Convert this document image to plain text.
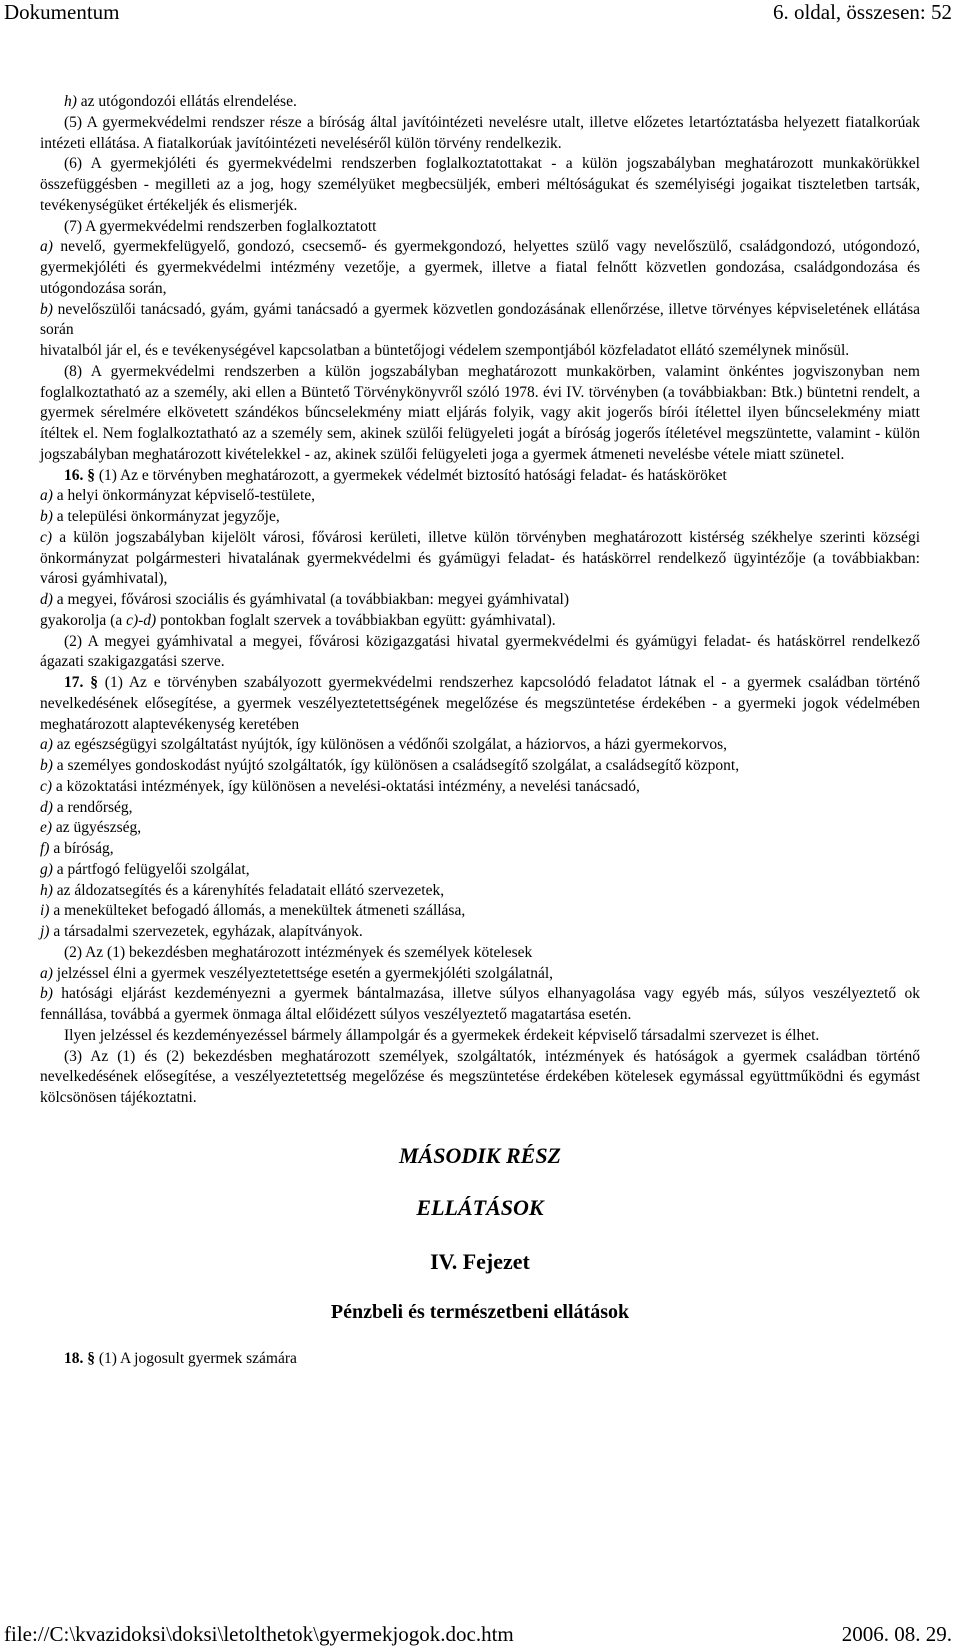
Dokumentum	6. oldal, összesen: 52

h) az utógondozói ellátás elrendelése.

(5) A gyermekvédelmi rendszer része a bíróság által javítóintézeti nevelésre utalt, illetve előzetes letartóztatásba helyezett fiatalkorúak intézeti ellátása. A fiatalkorúak javítóintézeti neveléséről külön törvény rendelkezik.

(6) A gyermekjóléti és gyermekvédelmi rendszerben foglalkoztatottakat - a külön jogszabályban meghatározott munkakörükkel összefüggésben - megilleti az a jog, hogy személyüket megbecsüljék, emberi méltóságukat és személyiségi jogaikat tiszteletben tartsák, tevékenységüket értékeljék és elismerjék.

(7) A gyermekvédelmi rendszerben foglalkoztatott

a) nevelő, gyermekfelügyelő, gondozó, csecsemő- és gyermekgondozó, helyettes szülő vagy nevelőszülő, családgondozó, utógondozó, gyermekjóléti és gyermekvédelmi intézmény vezetője, a gyermek, illetve a fiatal felnőtt közvetlen gondozása, családgondozása és utógondozása során,

b) nevelőszülői tanácsadó, gyám, gyámi tanácsadó a gyermek közvetlen gondozásának ellenőrzése, illetve törvényes képviseletének ellátása során

hivatalból jár el, és e tevékenységével kapcsolatban a büntetőjogi védelem szempontjából közfeladatot ellátó személynek minősül.

(8) A gyermekvédelmi rendszerben a külön jogszabályban meghatározott munkakörben, valamint önkéntes jogviszonyban nem foglalkoztatható az a személy, aki ellen a Büntető Törvénykönyvről szóló 1978. évi IV. törvényben (a továbbiakban: Btk.) büntetni rendelt, a gyermek sérelmére elkövetett szándékos bűncselekmény miatt eljárás folyik, vagy akit jogerős bírói ítélettel ilyen bűncselekmény miatt ítéltek el. Nem foglalkoztatható az a személy sem, akinek szülői felügyeleti jogát a bíróság jogerős ítéletével megszüntette, valamint - külön jogszabályban meghatározott kivételekkel - az, akinek szülői felügyeleti joga a gyermek átmeneti nevelésbe vétele miatt szünetel.

16. § (1) Az e törvényben meghatározott, a gyermekek védelmét biztosító hatósági feladat- és hatásköröket

a) a helyi önkormányzat képviselő-testülete,

b) a települési önkormányzat jegyzője,

c) a külön jogszabályban kijelölt városi, fővárosi kerületi, illetve külön törvényben meghatározott kistérség székhelye szerinti községi önkormányzat polgármesteri hivatalának gyermekvédelmi és gyámügyi feladat- és hatáskörrel rendelkező ügyintézője (a továbbiakban: városi gyámhivatal),

d) a megyei, fővárosi szociális és gyámhivatal (a továbbiakban: megyei gyámhivatal)

gyakorolja (a c)-d) pontokban foglalt szervek a továbbiakban együtt: gyámhivatal).

(2) A megyei gyámhivatal a megyei, fővárosi közigazgatási hivatal gyermekvédelmi és gyámügyi feladat- és hatáskörrel rendelkező ágazati szakigazgatási szerve.

17. § (1) Az e törvényben szabályozott gyermekvédelmi rendszerhez kapcsolódó feladatot látnak el - a gyermek családban történő nevelkedésének elősegítése, a gyermek veszélyeztetettségének megelőzése és megszüntetése érdekében - a gyermeki jogok védelmében meghatározott alaptevékenység keretében

a) az egészségügyi szolgáltatást nyújtók, így különösen a védőnői szolgálat, a háziorvos, a házi gyermekorvos,

b) a személyes gondoskodást nyújtó szolgáltatók, így különösen a családsegítő szolgálat, a családsegítő központ,

c) a közoktatási intézmények, így különösen a nevelési-oktatási intézmény, a nevelési tanácsadó,

d) a rendőrség,

e) az ügyészség,

f) a bíróság,

g) a pártfogó felügyelői szolgálat,

h) az áldozatsegítés és a kárenyhítés feladatait ellátó szervezetek,

i) a menekülteket befogadó állomás, a menekültek átmeneti szállása,

j) a társadalmi szervezetek, egyházak, alapítványok.

(2) Az (1) bekezdésben meghatározott intézmények és személyek kötelesek

a) jelzéssel élni a gyermek veszélyeztetettsége esetén a gyermekjóléti szolgálatnál,

b) hatósági eljárást kezdeményezni a gyermek bántalmazása, illetve súlyos elhanyagolása vagy egyéb más, súlyos veszélyeztető ok fennállása, továbbá a gyermek önmaga által előidézett súlyos veszélyeztető magatartása esetén.

Ilyen jelzéssel és kezdeményezéssel bármely állampolgár és a gyermekek érdekeit képviselő társadalmi szervezet is élhet.

(3) Az (1) és (2) bekezdésben meghatározott személyek, szolgáltatók, intézmények és hatóságok a gyermek családban történő nevelkedésének elősegítése, a veszélyeztetettség megelőzése és megszüntetése érdekében kötelesek egymással együttműködni és egymást kölcsönösen tájékoztatni.

MÁSODIK RÉSZ

ELLÁTÁSOK

IV. Fejezet

Pénzbeli és természetbeni ellátások

18. § (1) A jogosult gyermek számára

file://C:\kvazidoksi\doksi\letolthetok\gyermekjogok.doc.htm	2006. 08. 29.
